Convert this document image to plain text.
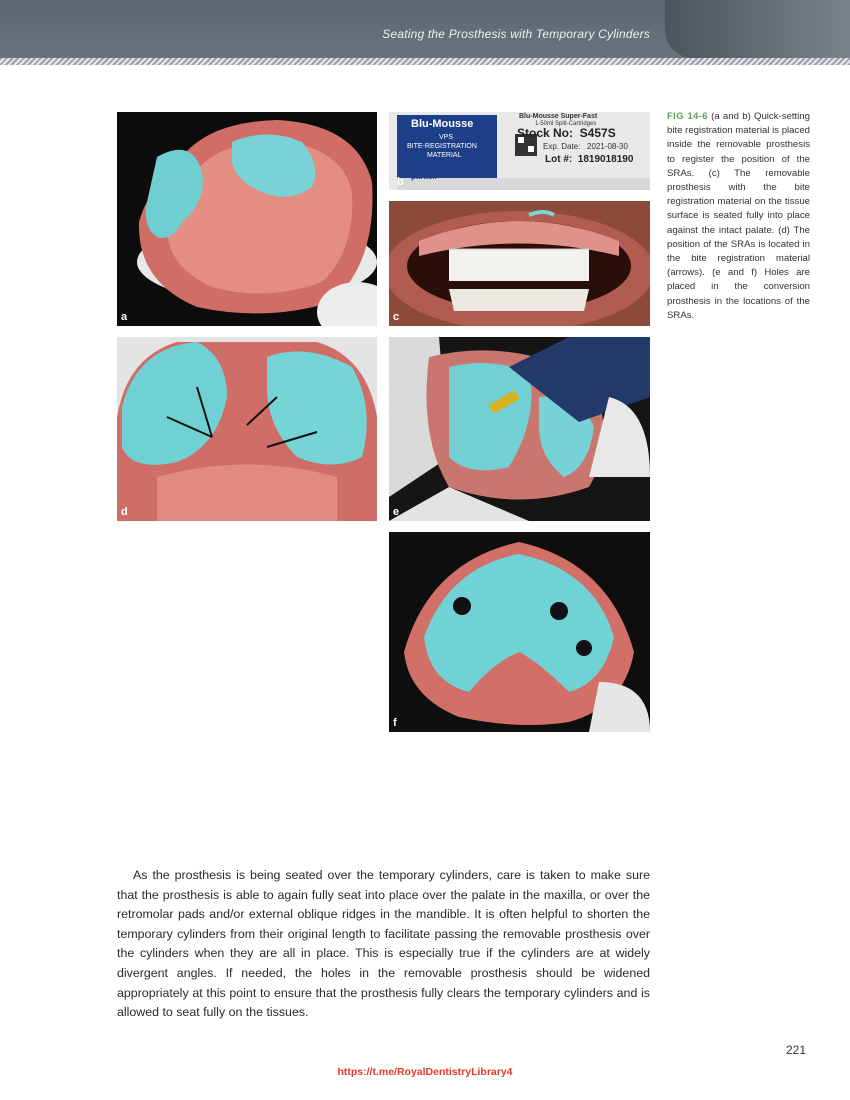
Seating the Prosthesis with Temporary Cylinders
a
Blu-Mousse
VPS
BITE-REGISTRATION
MATERIAL
Blu-Mousse Super-Fast
1-50ml Split-Cartridges
Stock No:  S457S
Exp. Date:   2021-08-30
Lot #:  1819018190
parkell
b
c
d	e
f
FIG 14-6 (a and b) Quick-setting bite registration material is placed inside the removable prosthesis to register the position of the SRAs. (c) The removable prosthesis with the bite registration material on the tissue surface is seated fully into place against the intact palate. (d) The position of the SRAs is located in the bite registration material (arrows). (e and f) Holes are placed in the conversion prosthesis in the locations of the SRAs.

As the prosthesis is being seated over the temporary cylinders, care is taken to make sure that the prosthesis is able to again fully seat into place over the palate in the maxilla, or over the retromolar pads and/or external oblique ridges in the mandible. It is often helpful to shorten the temporary cylinders from their original length to facilitate passing the removable prosthesis over the cylinders when they are all in place. This is especially true if the cylinders are at widely divergent angles. If needed, the holes in the removable prosthesis should be widened appropriately at this point to ensure that the prosthesis fully clears the temporary cylinders and is allowed to seat fully on the tissues.

221
https://t.me/RoyalDentistryLibrary4
